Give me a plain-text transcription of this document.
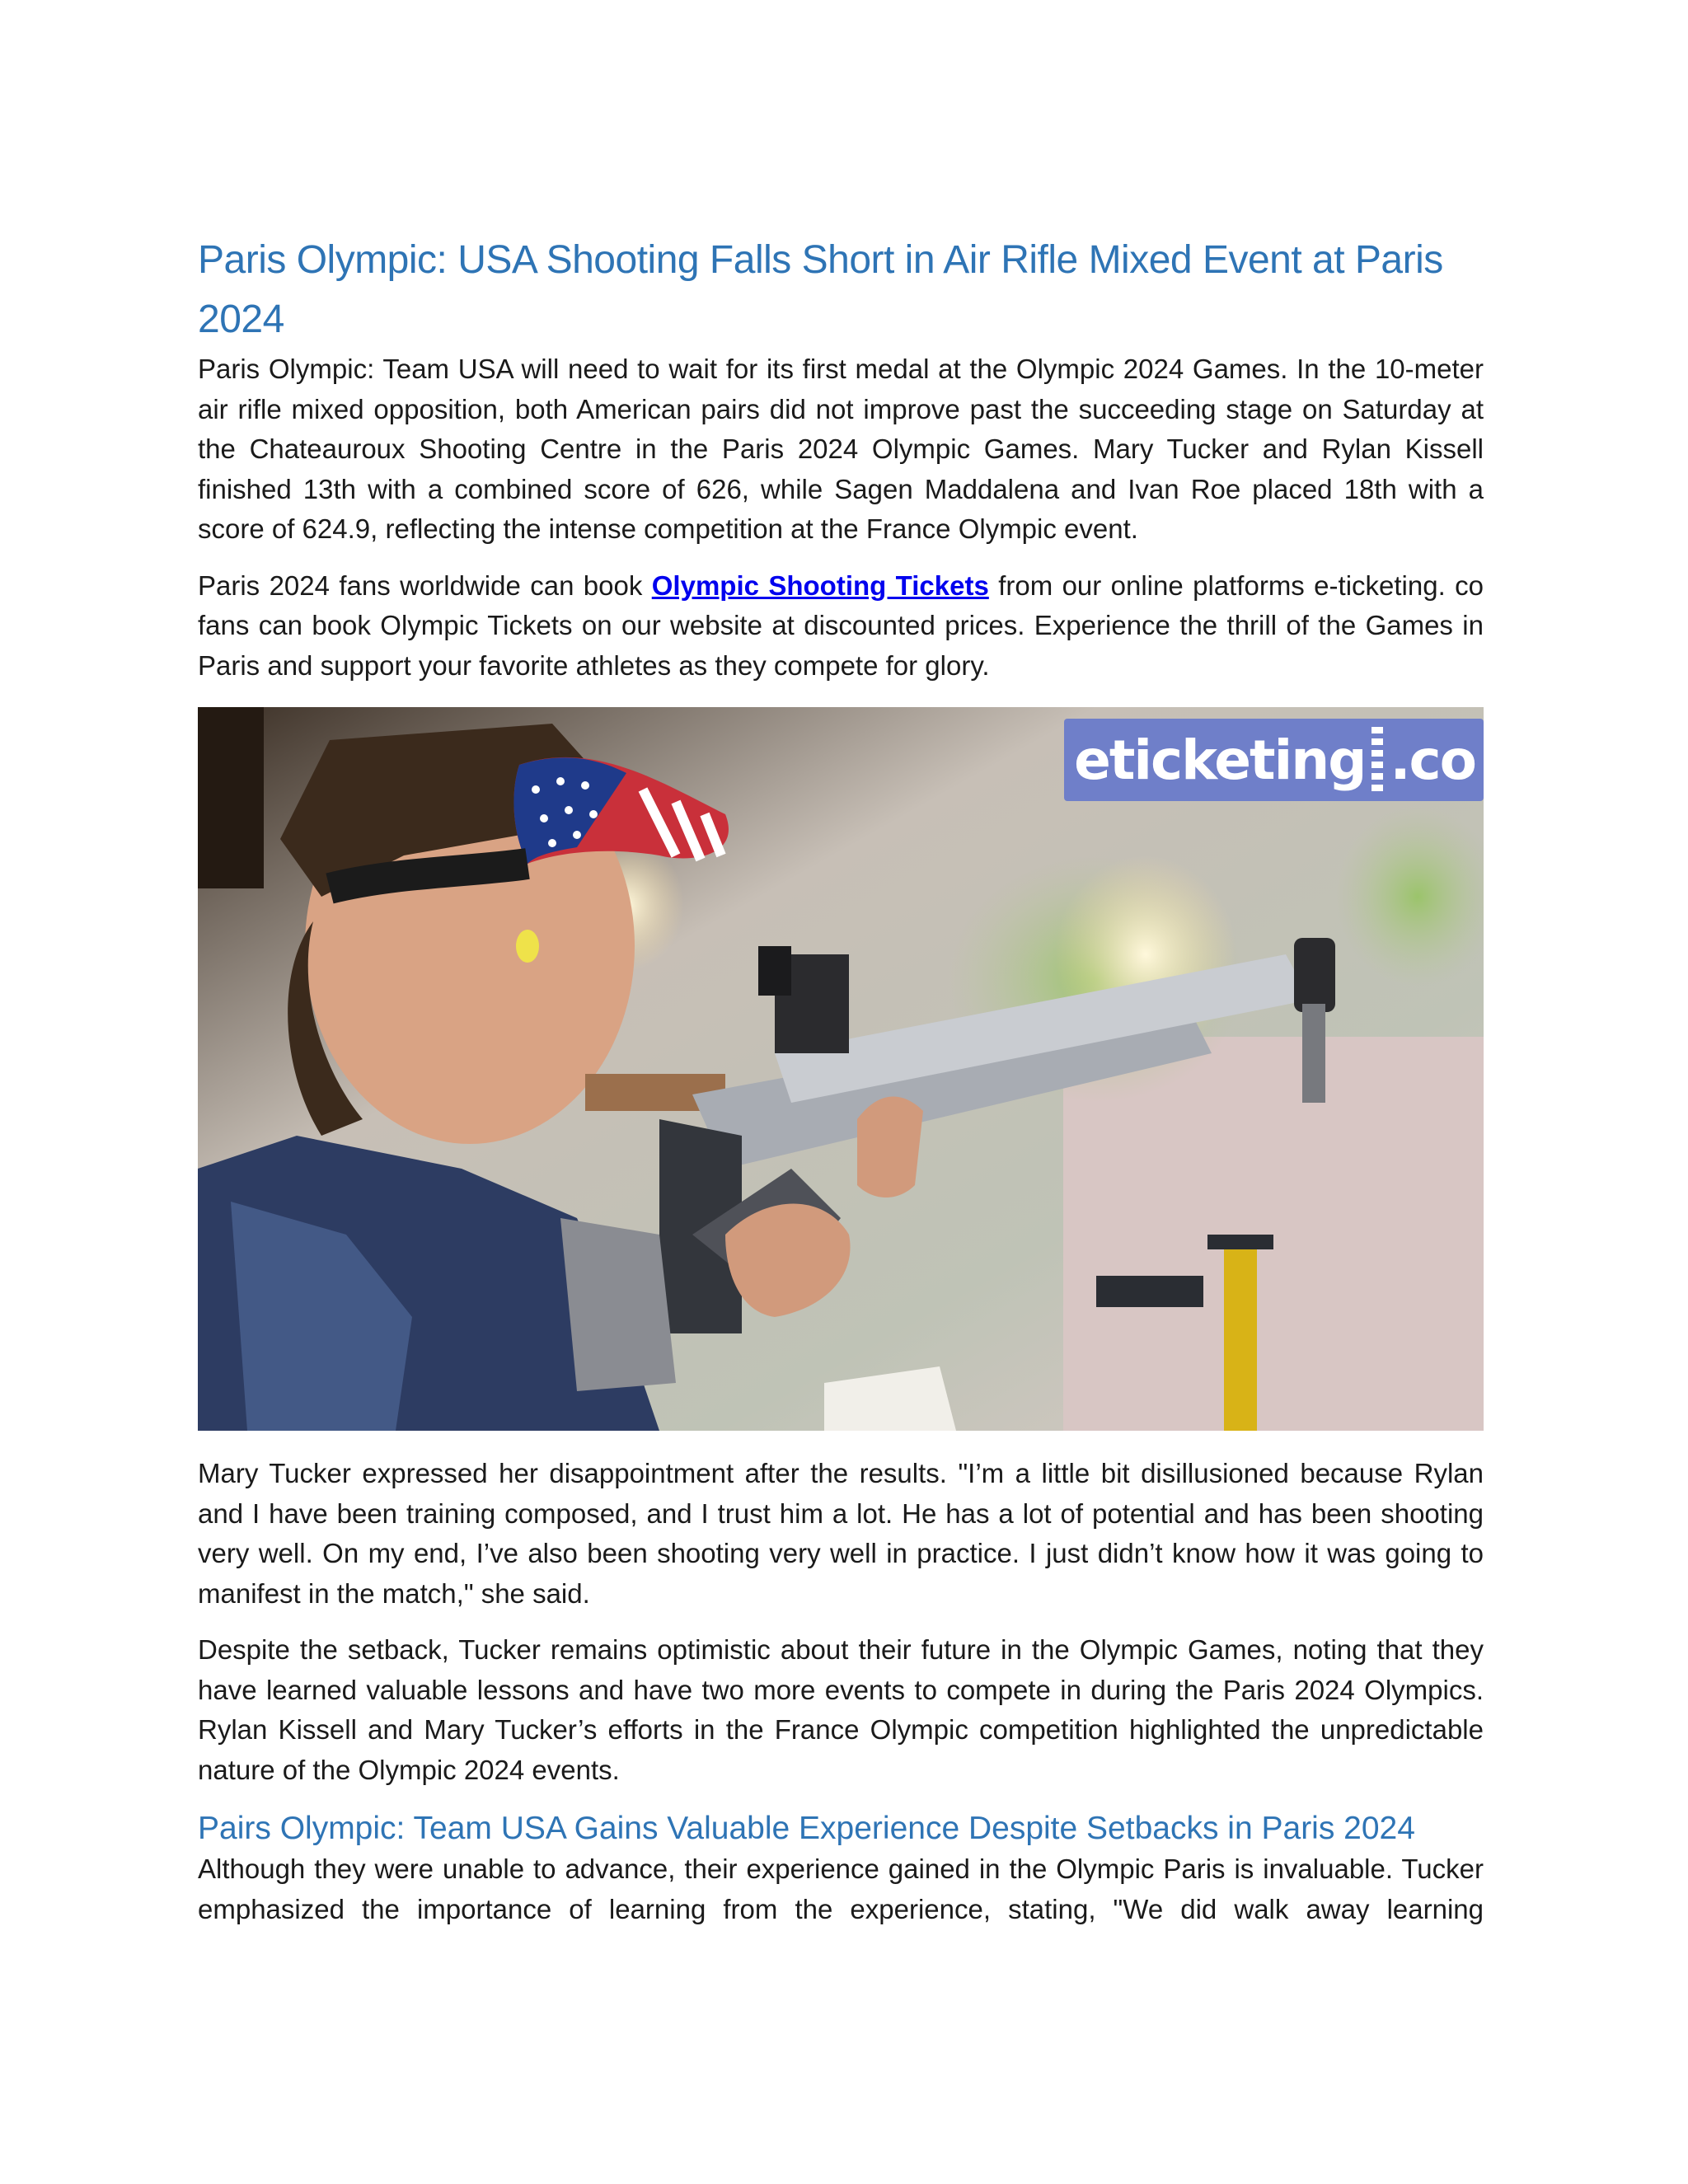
Paris Olympic: USA Shooting Falls Short in Air Rifle Mixed Event at Paris 2024

Paris Olympic: Team USA will need to wait for its first medal at the Olympic 2024 Games. In the 10-meter air rifle mixed opposition, both American pairs did not improve past the succeeding stage on Saturday at the Chateauroux Shooting Centre in the Paris 2024 Olympic Games. Mary Tucker and Rylan Kissell finished 13th with a combined score of 626, while Sagen Maddalena and Ivan Roe placed 18th with a score of 624.9, reflecting the intense competition at the France Olympic event.

Paris 2024 fans worldwide can book Olympic Shooting Tickets from our online platforms e-ticketing. co fans can book Olympic Tickets on our website at discounted prices. Experience the thrill of the Games in Paris and support your favorite athletes as they compete for glory.

eticketing .co

Mary Tucker expressed her disappointment after the results. "I’m a little bit disillusioned because Rylan and I have been training composed, and I trust him a lot. He has a lot of potential and has been shooting very well. On my end, I’ve also been shooting very well in practice. I just didn’t know how it was going to manifest in the match," she said.

Despite the setback, Tucker remains optimistic about their future in the Olympic Games, noting that they have learned valuable lessons and have two more events to compete in during the Paris 2024 Olympics. Rylan Kissell and Mary Tucker’s efforts in the France Olympic competition highlighted the unpredictable nature of the Olympic 2024 events.

Pairs Olympic: Team USA Gains Valuable Experience Despite Setbacks in Paris 2024

Although they were unable to advance, their experience gained in the Olympic Paris is invaluable. Tucker emphasized the importance of learning from the experience, stating, "We did walk away learning
